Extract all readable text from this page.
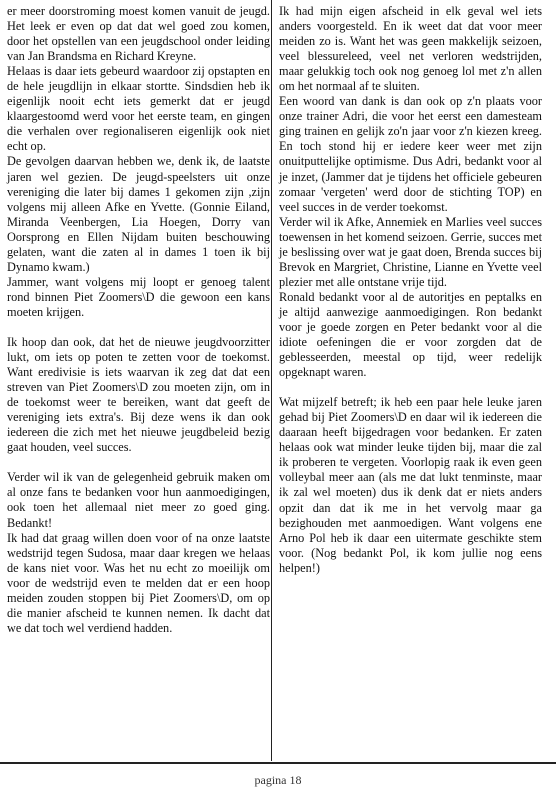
er meer doorstroming moest komen vanuit de jeugd. Het leek er even op dat dat wel goed zou komen, door het opstellen van een jeugdschool onder leiding van Jan Brandsma en Richard Kreyne.

Helaas is daar iets gebeurd waardoor zij opstapten en de hele jeugdlijn in elkaar stortte. Sindsdien heb ik eigenlijk nooit echt iets gemerkt dat er jeugd klaargestoomd werd voor het eerste team, en gingen die verhalen over regionaliseren eigenlijk ook niet echt op.

De gevolgen daarvan hebben we, denk ik, de laatste jaren wel gezien. De jeugd-speelsters uit onze vereniging die later bij dames 1 gekomen zijn ,zijn volgens mij alleen Afke en Yvette. (Gonnie Eiland, Miranda Veenbergen, Lia Hoegen, Dorry van Oorsprong en Ellen Nijdam buiten beschouwing gelaten, want die zaten al in dames 1 toen ik bij Dynamo kwam.)

Jammer, want volgens mij loopt er genoeg talent rond binnen Piet Zoomers\D die gewoon een kans moeten krijgen.

Ik hoop dan ook, dat het de nieuwe jeugdvoorzitter lukt, om iets op poten te zetten voor de toekomst. Want eredivisie is iets waarvan ik zeg dat dat een streven van Piet Zoomers\D zou moeten zijn, om in de toekomst weer te bereiken, want dat geeft de vereniging iets extra's. Bij deze wens ik dan ook iedereen die zich met het nieuwe jeugdbeleid bezig gaat houden, veel succes.

Verder wil ik van de gelegenheid gebruik maken om al onze fans te bedanken voor hun aanmoedigingen, ook toen het allemaal niet meer zo goed ging. Bedankt!

Ik had dat graag willen doen voor of na onze laatste wedstrijd tegen Sudosa, maar daar kregen we helaas de kans niet voor. Was het nu echt zo moeilijk om voor de wedstrijd even te melden dat er een hoop meiden zouden stoppen bij Piet Zoomers\D, om op die manier afscheid te kunnen nemen. Ik dacht dat we dat toch wel verdiend hadden.

Ik had mijn eigen afscheid in elk geval wel iets anders voorgesteld. En ik weet dat dat voor meer meiden zo is. Want het was geen makkelijk seizoen, veel blessureleed, veel net verloren wedstrijden, maar gelukkig toch ook nog genoeg lol met z'n allen om het normaal af te sluiten.

Een woord van dank is dan ook op z'n plaats voor onze trainer Adri, die voor het eerst een damesteam ging trainen en gelijk zo'n jaar voor z'n kiezen kreeg. En toch stond hij er iedere keer weer met zijn onuitputtelijke optimisme. Dus Adri, bedankt voor al je inzet, (Jammer dat je tijdens het officiele gebeuren zomaar 'vergeten' werd door de stichting TOP) en veel succes in de verder toekomst.

Verder wil ik Afke, Annemiek en Marlies veel succes toewensen in het komend seizoen. Gerrie, succes met je beslissing over wat je gaat doen, Brenda succes bij Brevok en Margriet, Christine, Lianne en Yvette veel plezier met alle ontstane vrije tijd.

Ronald bedankt voor al de autoritjes en peptalks en je altijd aanwezige aanmoedigingen. Ron bedankt voor je goede zorgen en Peter bedankt voor al die idiote oefeningen die er voor zorgden dat de geblesseerden, meestal op tijd, weer redelijk opgeknapt waren.

Wat mijzelf betreft; ik heb een paar hele leuke jaren gehad bij Piet Zoomers\D en daar wil ik iedereen die daaraan heeft bijgedragen voor bedanken. Er zaten helaas ook wat minder leuke tijden bij, maar die zal ik proberen te vergeten. Voorlopig raak ik even geen volleybal meer aan (als me dat lukt tenminste, maar ik zal wel moeten) dus ik denk dat er niets anders opzit dan dat ik me in het vervolg maar ga bezighouden met aanmoedigen. Want volgens ene Arno Pol heb ik daar een uitermate geschikte stem voor. (Nog bedankt Pol, ik kom jullie nog eens helpen!)

pagina 18
